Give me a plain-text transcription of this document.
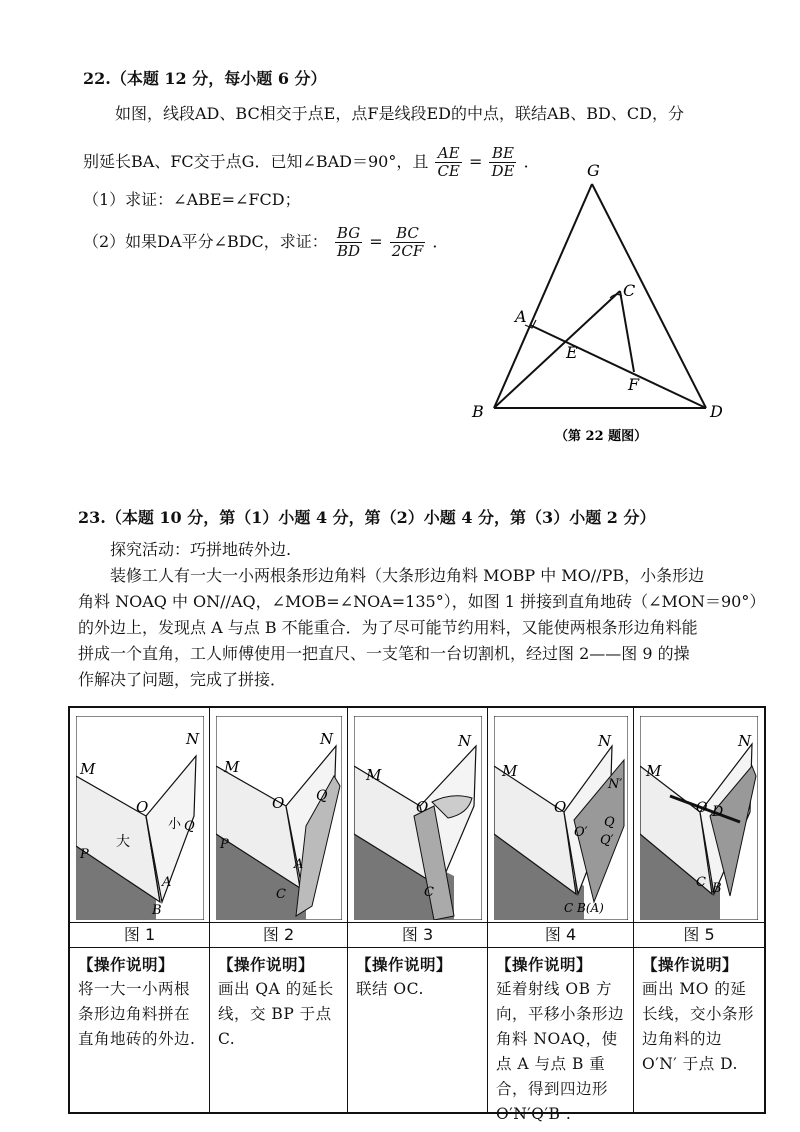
22.（本题 12 分，每小题 6 分）
如图，线段AD、BC相交于点E，点F是线段ED的中点，联结AB、BD、CD，分
别延长BA、FC交于点G．已知∠BAD＝90°，且 $\frac{AE}{CE} = \frac{BE}{DE}$ ．
（1）求证：∠ABE=∠FCD；
（2）如果DA平分∠BDC，求证： $\frac{BG}{BD} = \frac{BC}{2CF}$ ．
G
A
C
E
F
B	D
（第 22 题图）
23.（本题 10 分，第（1）小题 4 分，第（2）小题 4 分，第（3）小题 2 分）
探究活动：巧拼地砖外边.
装修工人有一大一小两根条形边角料（大条形边角料 MOBP 中 MO//PB，小条形边
角料 NOAQ 中 ON//AQ，∠MOB=∠NOA=135°），如图 1 拼接到直角地砖（∠MON＝90°）
的外边上，发现点 A 与点 B 不能重合．为了尽可能节约用料，又能使两根条形边角料能
拼成一个直角，工人师傅使用一把直尺、一支笔和一台切割机，经过图 2——图 9 的操
作解决了问题，完成了拼接．
N
M
O
大
小 Q
A
B
P
图 1
【操作说明】
将一大一小两根条形边角料拼在直角地砖的外边.
N
M
O Q
A
C
P
图 2
【操作说明】
画出 QA 的延长线，交 BP 于点 C.
N
M
O
C
图 3
【操作说明】
联结 OC.
N
N′
M
O
O′
Q
Q′
C B(A)
图 4
【操作说明】
延着射线 OB 方向，平移小条形边角料 NOAQ，使点 A 与点 B 重合，得到四边形 O′N′Q′B .
N
M
O D
C B
图 5
【操作说明】
画出 MO 的延长线，交小条形边角料的边 O′N′ 于点 D.
